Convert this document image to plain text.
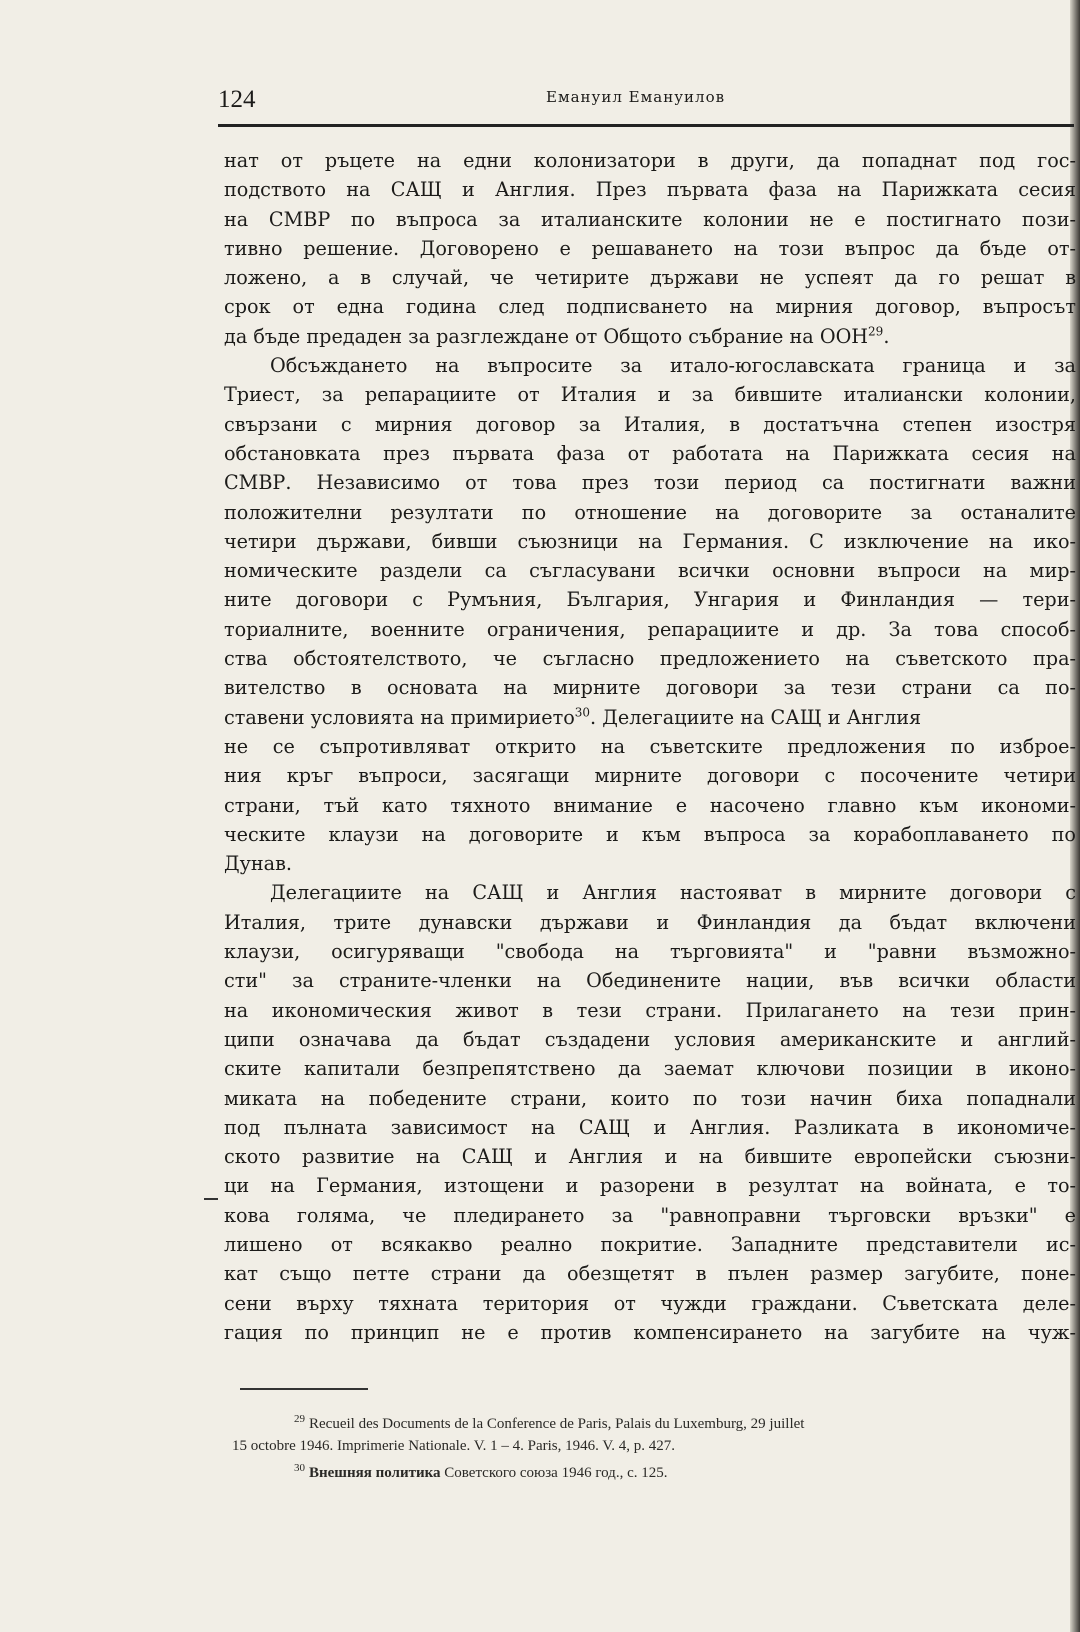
124	Емануил Емануилов
нат от ръцете на едни колонизатори в други, да попаднат под гос-
подството на САЩ и Англия. През първата фаза на Парижката сесия
на СМВР по въпроса за италианските колонии не е постигнато пози-
тивно решение. Договорено е решаването на този въпрос да бъде от-
ложено, а в случай, че четирите държави не успеят да го решат в
срок от една година след подписването на мирния договор, въпросът
да бъде предаден за разглеждане от Общото събрание на ООН$^{29}$.
Обсъждането на въпросите за итало-югославската граница и за
Триест, за репарациите от Италия и за бившите италиански колонии,
свързани с мирния договор за Италия, в достатъчна степен изостря
обстановката през първата фаза от работата на Парижката сесия на
СМВР. Независимо от това през този период са постигнати важни
положителни резултати по отношение на договорите за останалите
четири държави, бивши съюзници на Германия. С изключение на ико-
номическите раздели са съгласувани всички основни въпроси на мир-
ните договори с Румъния, България, Унгария и Финландия — тери-
ториалните, военните ограничения, репарациите и др. За това способ-
ства обстоятелството, че съгласно предложението на съветското пра-
вителство в основата на мирните договори за тези страни са по-
ставени условията на примирието$^{30}$. Делегациите на САЩ и Англия
не се съпротивляват открито на съветските предложения по изброе-
ния кръг въпроси, засягащи мирните договори с посочените четири
страни, тъй като тяхното внимание е насочено главно към икономи-
ческите клаузи на договорите и към въпроса за корабоплаването по
Дунав.
Делегациите на САЩ и Англия настояват в мирните договори с
Италия, трите дунавски държави и Финландия да бъдат включени
клаузи, осигуряващи "свобода на търговията" и "равни възможно-
сти" за страните-членки на Обединените нации, във всички области
на икономическия живот в тези страни. Прилагането на тези прин-
ципи означава да бъдат създадени условия американските и англий-
ските капитали безпрепятствено да заемат ключови позиции в иконо-
миката на победените страни, които по този начин биха попаднали
под пълната зависимост на САЩ и Англия. Разликата в икономиче-
ското развитие на САЩ и Англия и на бившите европейски съюзни-
ци на Германия, изтощени и разорени в резултат на войната, е то-
кова голяма, че пледирането за "равноправни търговски връзки" е
лишено от всякакво реално покритие. Западните представители ис-
кат също петте страни да обезщетят в пълен размер загубите, поне-
сени върху тяхната територия от чужди граждани. Съветската деле-
гация по принцип не е против компенсирането на загубите на чуж-
$^{29}$ Recueil des Documents de la Conference de Paris, Palais du Luxemburg, 29 juillet
15 octobre 1946. Imprimerie Nationale. V. 1 – 4. Paris, 1946. V. 4, p. 427.
$^{30}$ Внешняя политика Советского союза 1946 год., с. 125.
